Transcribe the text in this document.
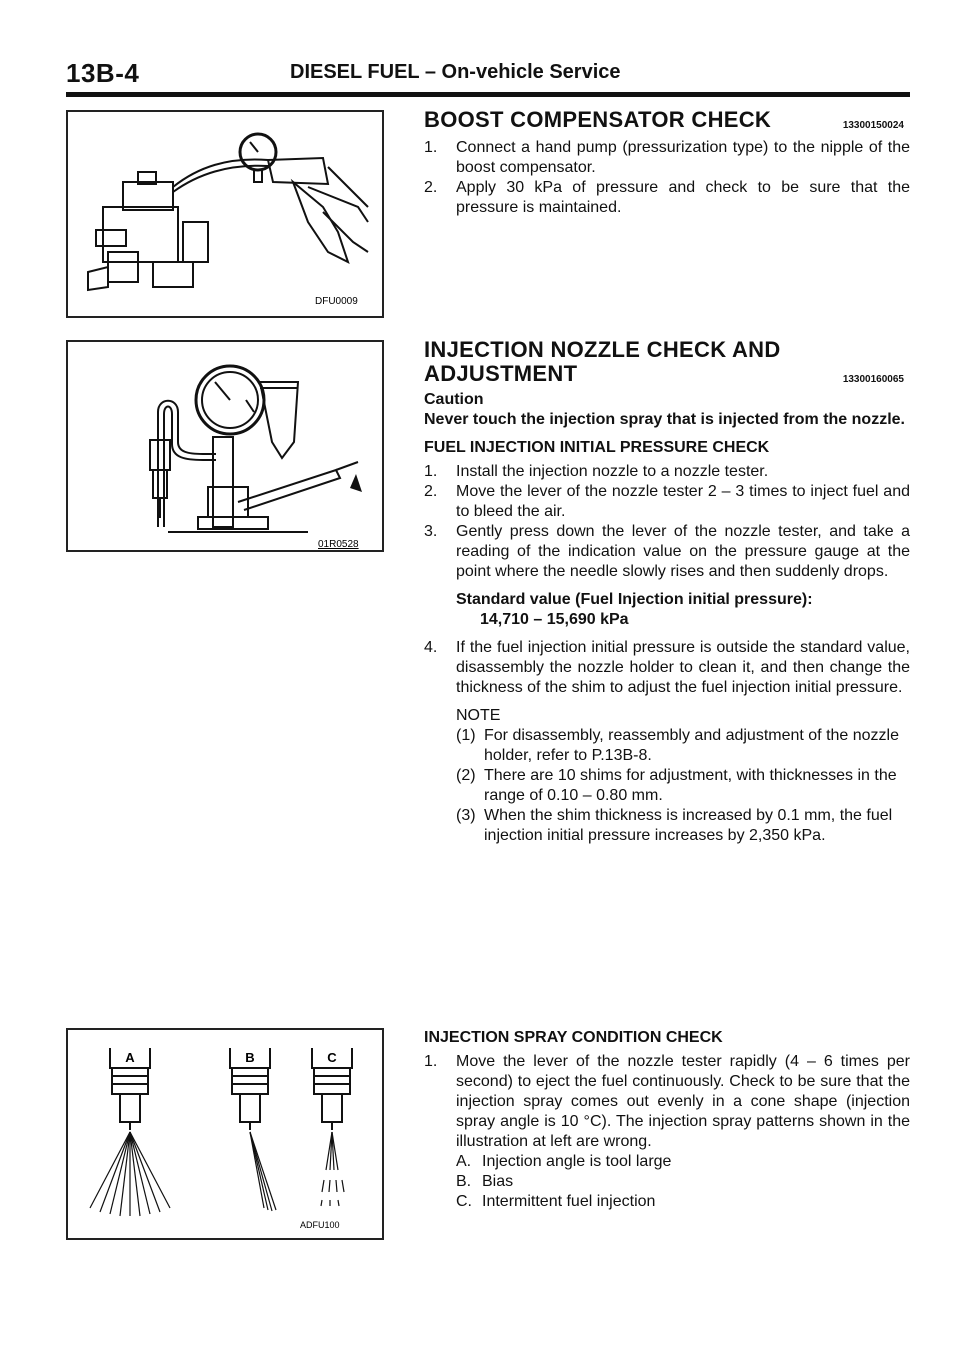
13B-4	DIESEL FUEL – On-vehicle Service
DFU0009
01R0528
A	B	C
ADFU100
BOOST COMPENSATOR CHECK	13300150024
1. Connect a hand pump (pressurization type) to the nipple of the boost compensator.
2. Apply 30 kPa of pressure and check to be sure that the pressure is maintained.
INJECTION NOZZLE CHECK AND
ADJUSTMENT	13300160065
Caution
Never touch the injection spray that is injected from the nozzle.
FUEL INJECTION INITIAL PRESSURE CHECK
1. Install the injection nozzle to a nozzle tester.
2. Move the lever of the nozzle tester 2 – 3 times to inject fuel and to bleed the air.
3. Gently press down the lever of the nozzle tester, and take a reading of the indication value on the pressure gauge at the point where the needle slowly rises and then suddenly drops.
Standard value (Fuel Injection initial pressure):
14,710 – 15,690 kPa
4. If the fuel injection initial pressure is outside the standard value, disassembly the nozzle holder to clean it, and then change the thickness of the shim to adjust the fuel injection initial pressure.
NOTE
(1) For disassembly, reassembly and adjustment of the nozzle holder, refer to P.13B-8.
(2) There are 10 shims for adjustment, with thicknesses in the range of 0.10 – 0.80 mm.
(3) When the shim thickness is increased by 0.1 mm, the fuel injection initial pressure increases by 2,350 kPa.
INJECTION SPRAY CONDITION CHECK
1. Move the lever of the nozzle tester rapidly (4 – 6 times per second) to eject the fuel continuously. Check to be sure that the injection spray comes out evenly in a cone shape (injection spray angle is 10 °C). The injection spray patterns shown in the illustration at left are wrong.
A. Injection angle is tool large
B. Bias
C. Intermittent fuel injection
